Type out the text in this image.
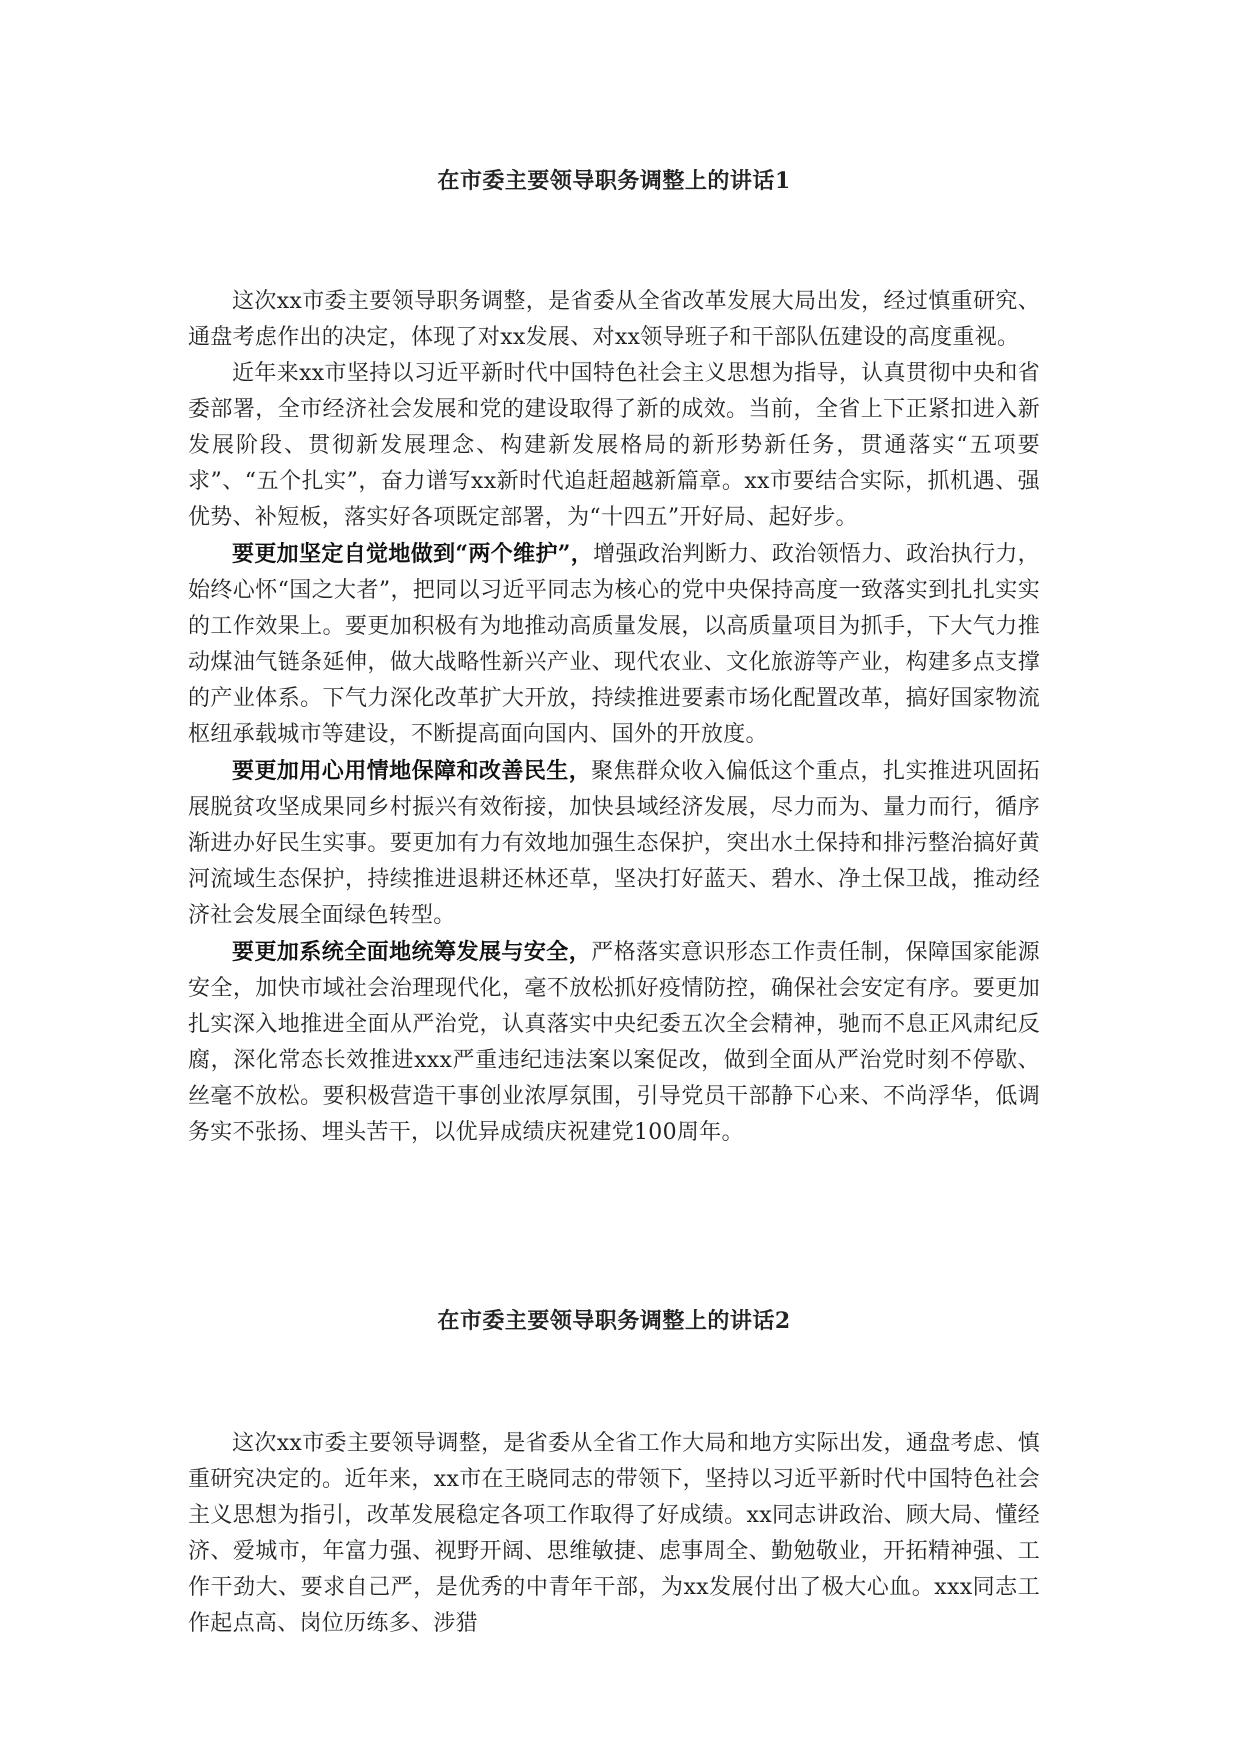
在市委主要领导职务调整上的讲话1

这次xx市委主要领导职务调整，是省委从全省改革发展大局出发，经过慎重研究、通盘考虑作出的决定，体现了对xx发展、对xx领导班子和干部队伍建设的高度重视。

近年来xx市坚持以习近平新时代中国特色社会主义思想为指导，认真贯彻中央和省委部署，全市经济社会发展和党的建设取得了新的成效。当前，全省上下正紧扣进入新发展阶段、贯彻新发展理念、构建新发展格局的新形势新任务，贯通落实“五项要求”、“五个扎实”，奋力谱写xx新时代追赶超越新篇章。xx市要结合实际，抓机遇、强优势、补短板，落实好各项既定部署，为“十四五”开好局、起好步。

要更加坚定自觉地做到“两个维护”，增强政治判断力、政治领悟力、政治执行力，始终心怀“国之大者”，把同以习近平同志为核心的党中央保持高度一致落实到扎扎实实的工作效果上。要更加积极有为地推动高质量发展，以高质量项目为抓手，下大气力推动煤油气链条延伸，做大战略性新兴产业、现代农业、文化旅游等产业，构建多点支撑的产业体系。下气力深化改革扩大开放，持续推进要素市场化配置改革，搞好国家物流枢纽承载城市等建设，不断提高面向国内、国外的开放度。

要更加用心用情地保障和改善民生，聚焦群众收入偏低这个重点，扎实推进巩固拓展脱贫攻坚成果同乡村振兴有效衔接，加快县域经济发展，尽力而为、量力而行，循序渐进办好民生实事。要更加有力有效地加强生态保护，突出水土保持和排污整治搞好黄河流域生态保护，持续推进退耕还林还草，坚决打好蓝天、碧水、净土保卫战，推动经济社会发展全面绿色转型。

要更加系统全面地统筹发展与安全，严格落实意识形态工作责任制，保障国家能源安全，加快市域社会治理现代化，毫不放松抓好疫情防控，确保社会安定有序。要更加扎实深入地推进全面从严治党，认真落实中央纪委五次全会精神，驰而不息正风肃纪反腐，深化常态长效推进xxx严重违纪违法案以案促改，做到全面从严治党时刻不停歇、丝毫不放松。要积极营造干事创业浓厚氛围，引导党员干部静下心来、不尚浮华，低调务实不张扬、埋头苦干，以优异成绩庆祝建党100周年。

在市委主要领导职务调整上的讲话2

这次xx市委主要领导调整，是省委从全省工作大局和地方实际出发，通盘考虑、慎重研究决定的。近年来，xx市在王晓同志的带领下，坚持以习近平新时代中国特色社会主义思想为指引，改革发展稳定各项工作取得了好成绩。xx同志讲政治、顾大局、懂经济、爱城市，年富力强、视野开阔、思维敏捷、虑事周全、勤勉敬业，开拓精神强、工作干劲大、要求自己严，是优秀的中青年干部，为xx发展付出了极大心血。xxx同志工作起点高、岗位历练多、涉猎
